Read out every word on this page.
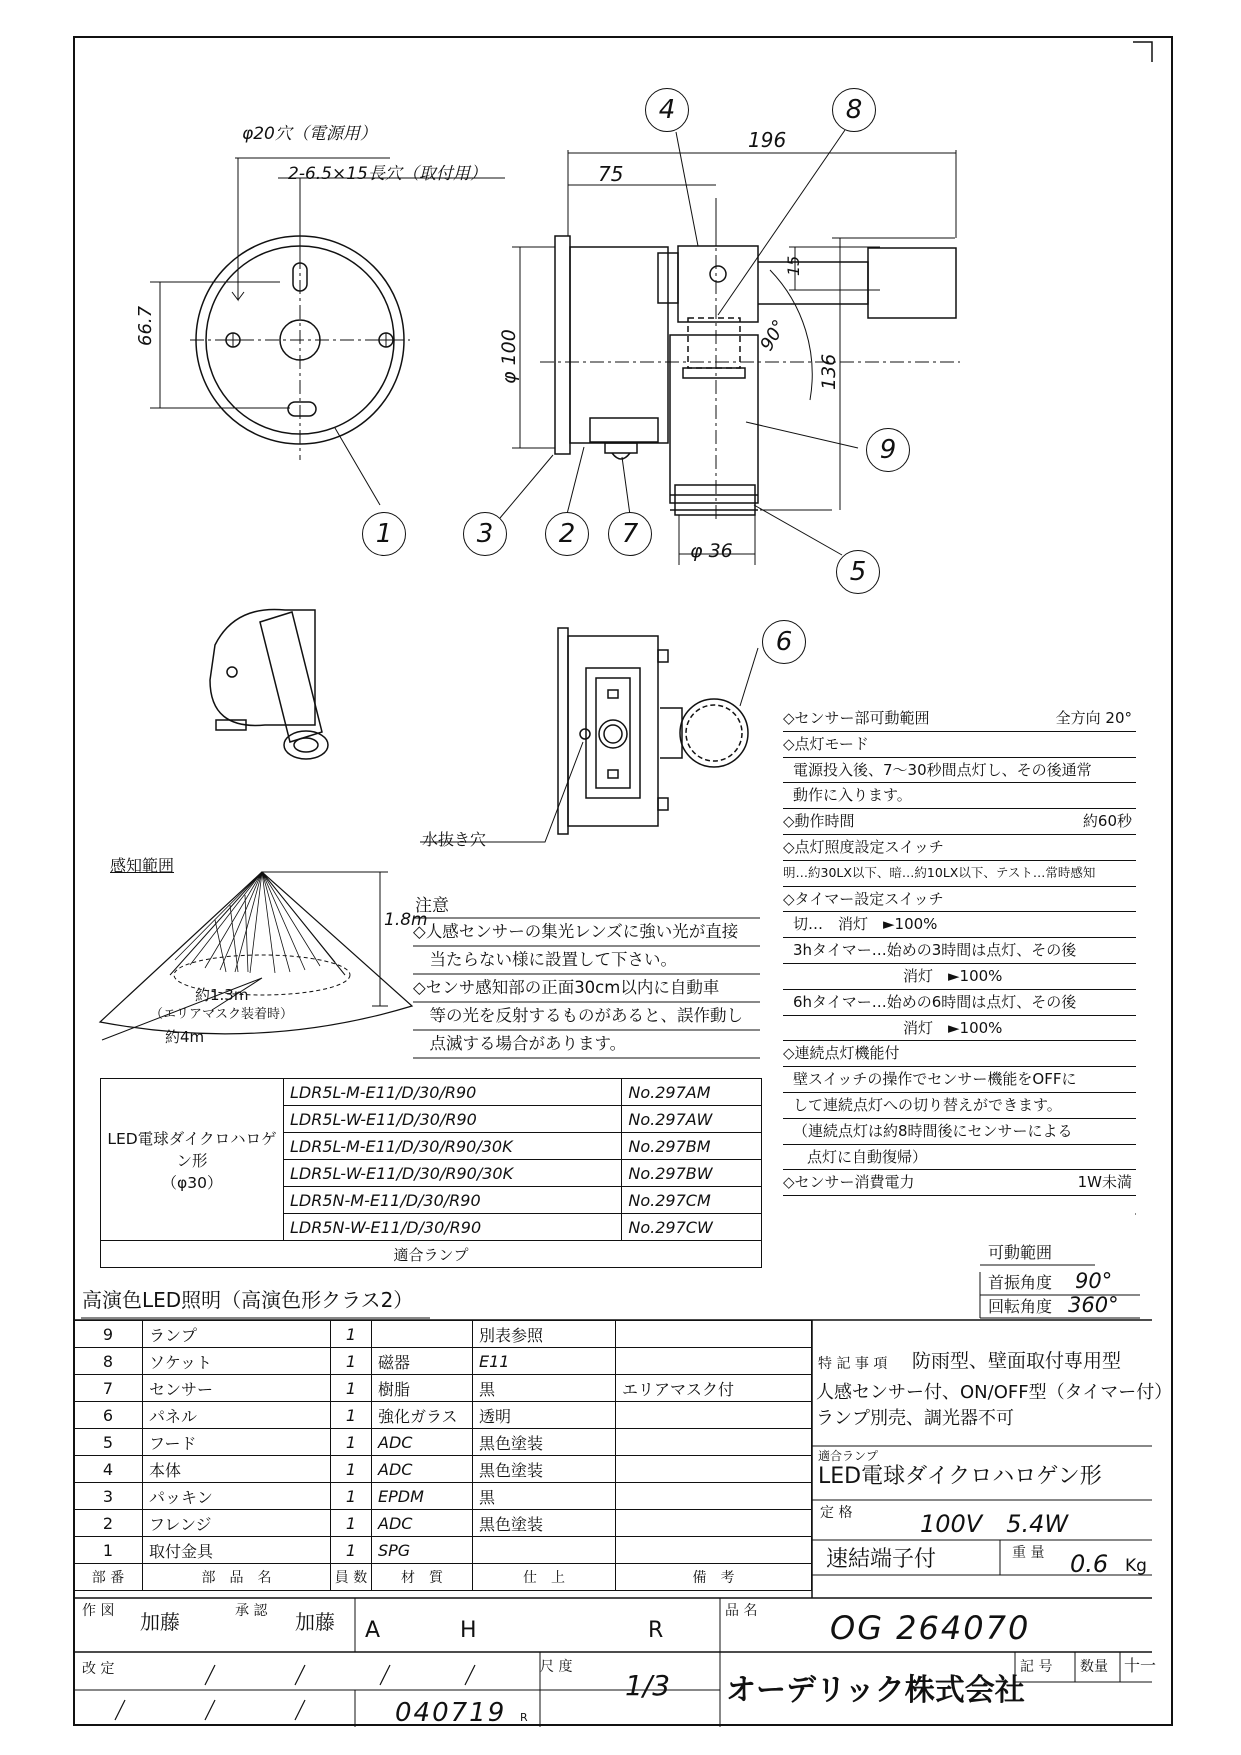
φ20穴（電源用）
2-6.5×15長穴（取付用）
66.7
196
75
15
φ 100	136
90°
φ 36
1	2
3
4
5
6
7
8
9
水抜き穴
感知範囲
1.8m
約1.3m
（エリアマスク装着時）
約4m
注意
◇人感センサーの集光レンズに強い光が直接
　当たらない様に設置して下さい。
◇センサ感知部の正面30cm以内に自動車
　等の光を反射するものがあると、誤作動し
　点滅する場合があります。
◇センサー部可動範囲	全方向 20°
◇点灯モード
電源投入後、7～30秒間点灯し、その後通常
動作に入ります。
◇動作時間	約60秒
◇点灯照度設定スイッチ
明…約30LX以下、暗…約10LX以下、テスト…常時感知
◇タイマー設定スイッチ
切…　消灯　►100%
3hタイマー…始めの3時間は点灯、その後
消灯　►100%
6hタイマー…始めの6時間は点灯、その後
消灯　►100%
◇連続点灯機能付
壁スイッチの操作でセンサー機能をOFFに
して連続点灯への切り替えができます。
（連続点灯は約8時間後にセンサーによる
点灯に自動復帰）
◇センサー消費電力	1W未満
LED電球ダイクロハロゲン形
（φ30）	LDR5L-M-E11/D/30/R90	No.297AM
	LDR5L-W-E11/D/30/R90	No.297AW
	LDR5L-M-E11/D/30/R90/30K	No.297BM
	LDR5L-W-E11/D/30/R90/30K	No.297BW
	LDR5N-M-E11/D/30/R90	No.297CM
	LDR5N-W-E11/D/30/R90	No.297CW
適合ランプ			可動範囲
首振角度 90°
回転角度 360°
高演色LED照明（高演色形クラス2）
9	ランプ	1		別表参照	
8	ソケット	1	磁器	E11	
7	センサー	1	樹脂	黒	エリアマスク付
6	パネル	1	強化ガラス	透明	
5	フード	1	ADC	黒色塗装	
4	本体	1	ADC	黒色塗装	
3	パッキン	1	EPDM	黒	
2	フレンジ	1	ADC	黒色塗装	
1	取付金具	1	SPG		
部 番	部　品　名	員 数	材　質	仕　上	備　考
特 記 事 項 防雨型、壁面取付専用型
人感センサー付、ON/OFF型（タイマー付）
ランプ別売、調光器不可
適合ランプ
LED電球ダイクロハロゲン形
定 格	100V　5.4W
速結端子付	重 量 0.6 Kg
作 図 加藤	承 認 加藤 A	H	R
品 名 OG 264070
改 定
040719 R
尺 度
1/3 オーデリック株式会社
記 号 数量 十一
